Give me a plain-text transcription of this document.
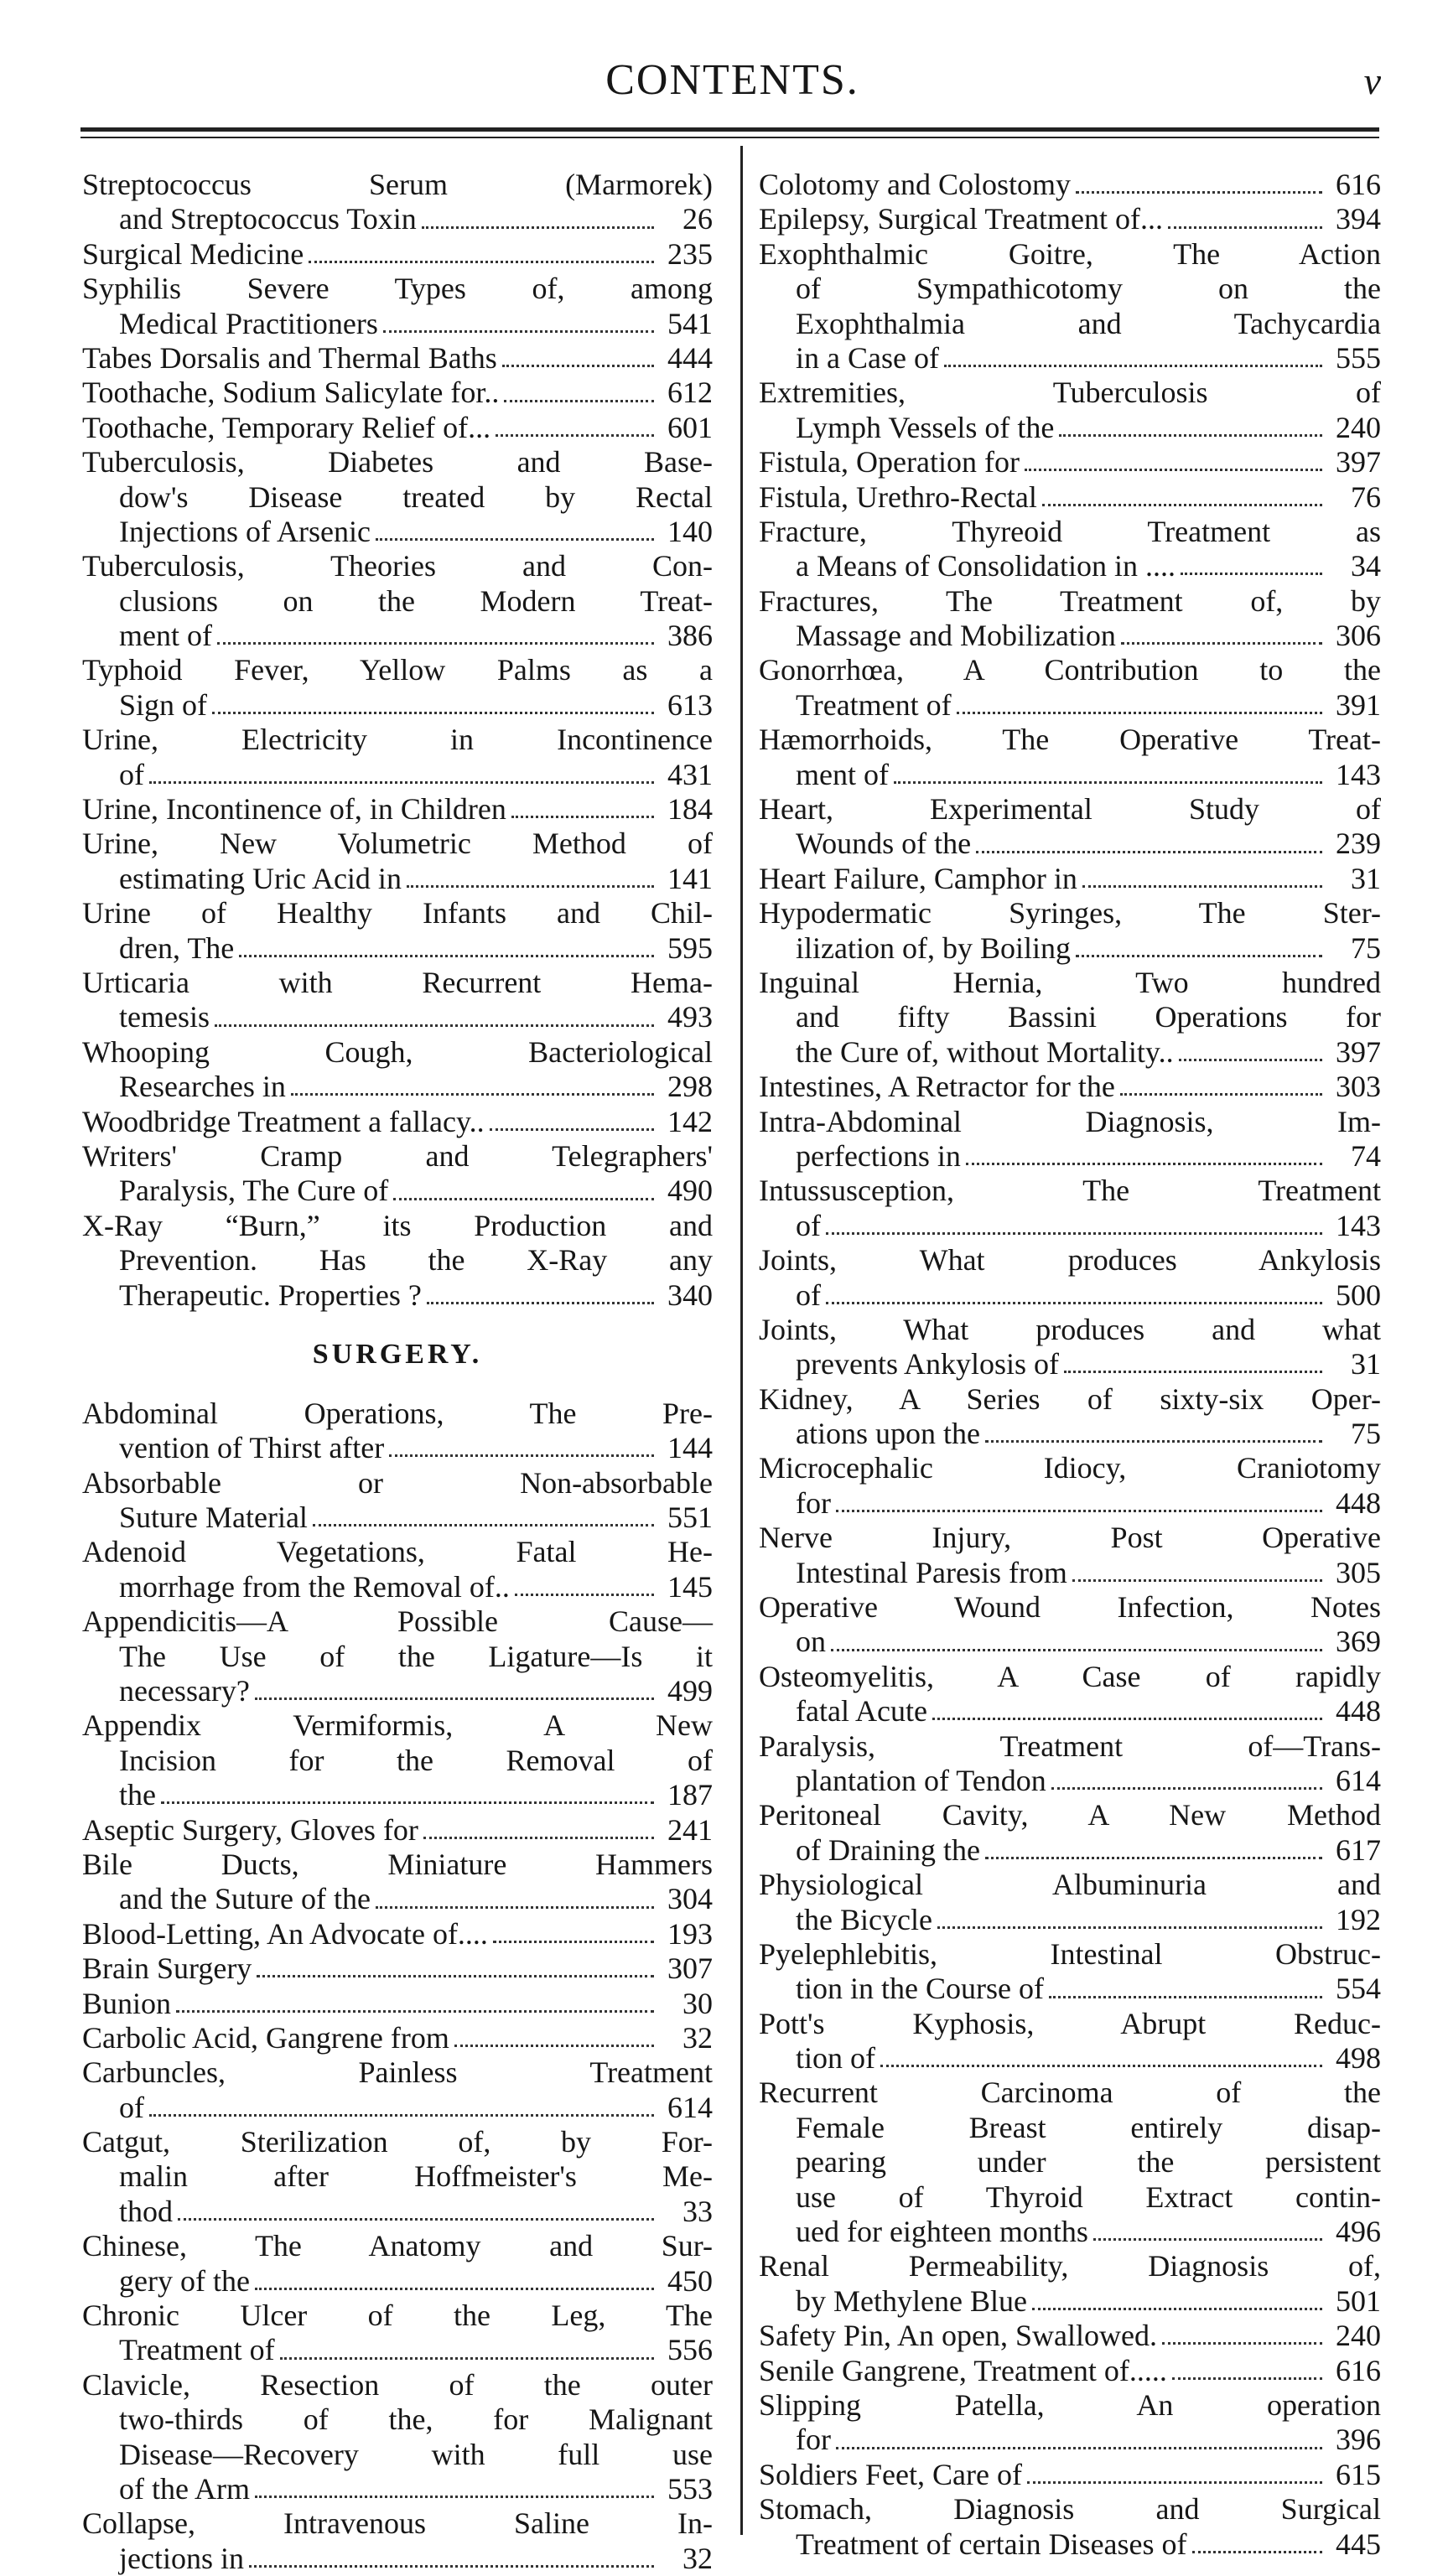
CONTENTS.	v
Streptococcus Serum (Marmorek)
and Streptococcus Toxin	26
Surgical Medicine	235
Syphilis Severe Types of, among
Medical Practitioners	541
Tabes Dorsalis and Thermal Baths	444
Toothache, Sodium Salicylate for..	612
Toothache, Temporary Relief of...	601
Tuberculosis, Diabetes and Base-
dow's Disease treated by Rectal
Injections of Arsenic	140
Tuberculosis, Theories and Con-
clusions on the Modern Treat-
ment of	386
Typhoid Fever, Yellow Palms as a
Sign of	613
Urine, Electricity in Incontinence
of	431
Urine, Incontinence of, in Children	184
Urine, New Volumetric Method of
estimating Uric Acid in	141
Urine of Healthy Infants and Chil-
dren, The	595
Urticaria with Recurrent Hema-
temesis	493
Whooping Cough, Bacteriological
Researches in	298
Woodbridge Treatment a fallacy..	142
Writers' Cramp and Telegraphers'
Paralysis, The Cure of	490
X-Ray “Burn,” its Production and
Prevention. Has the X-Ray any
Therapeutic. Properties ?	340
SURGERY.
Abdominal Operations, The Pre-
vention of Thirst after	144
Absorbable or Non-absorbable
Suture Material	551
Adenoid Vegetations, Fatal He-
morrhage from the Removal of..	145
Appendicitis—A Possible Cause—
The Use of the Ligature—Is it
necessary?	499
Appendix Vermiformis, A New
Incision for the Removal of
the	187
Aseptic Surgery, Gloves for	241
Bile Ducts, Miniature Hammers
and the Suture of the	304
Blood-Letting, An Advocate of....	193
Brain Surgery	307
Bunion	30
Carbolic Acid, Gangrene from	32
Carbuncles, Painless Treatment
of	614
Catgut, Sterilization of, by For-
malin after Hoffmeister's Me-
thod	33
Chinese, The Anatomy and Sur-
gery of the	450
Chronic Ulcer of the Leg, The
Treatment of	556
Clavicle, Resection of the outer
two-thirds of the, for Malignant
Disease—Recovery with full use
of the Arm	553
Collapse, Intravenous Saline In-
jections in	32
Colotomy and Colostomy	616
Epilepsy, Surgical Treatment of...	394
Exophthalmic Goitre, The Action
of Sympathicotomy on the
Exophthalmia and Tachycardia
in a Case of	555
Extremities, Tuberculosis of
Lymph Vessels of the	240
Fistula, Operation for	397
Fistula, Urethro-Rectal	76
Fracture, Thyreoid Treatment as
a Means of Consolidation in ....	34
Fractures, The Treatment of, by
Massage and Mobilization	306
Gonorrhœa, A Contribution to the
Treatment of	391
Hæmorrhoids, The Operative Treat-
ment of	143
Heart, Experimental Study of
Wounds of the	239
Heart Failure, Camphor in	31
Hypodermatic Syringes, The Ster-
ilization of, by Boiling	75
Inguinal Hernia, Two hundred
and fifty Bassini Operations for
the Cure of, without Mortality..	397
Intestines, A Retractor for the	303
Intra-Abdominal Diagnosis, Im-
perfections in	74
Intussusception, The Treatment
of	143
Joints, What produces Ankylosis
of	500
Joints, What produces and what
prevents Ankylosis of	31
Kidney, A Series of sixty-six Oper-
ations upon the	75
Microcephalic Idiocy, Craniotomy
for	448
Nerve Injury, Post Operative
Intestinal Paresis from	305
Operative Wound Infection, Notes
on	369
Osteomyelitis, A Case of rapidly
fatal Acute	448
Paralysis, Treatment of—Trans-
plantation of Tendon	614
Peritoneal Cavity, A New Method
of Draining the	617
Physiological Albuminuria and
the Bicycle	192
Pyelephlebitis, Intestinal Obstruc-
tion in the Course of	554
Pott's Kyphosis, Abrupt Reduc-
tion of	498
Recurrent Carcinoma of the
Female Breast entirely disap-
pearing under the persistent
use of Thyroid Extract contin-
ued for eighteen months	496
Renal Permeability, Diagnosis of,
by Methylene Blue	501
Safety Pin, An open, Swallowed.	240
Senile Gangrene, Treatment of.....	616
Slipping Patella, An operation
for	396
Soldiers Feet, Care of	615
Stomach, Diagnosis and Surgical
Treatment of certain Diseases of	445
